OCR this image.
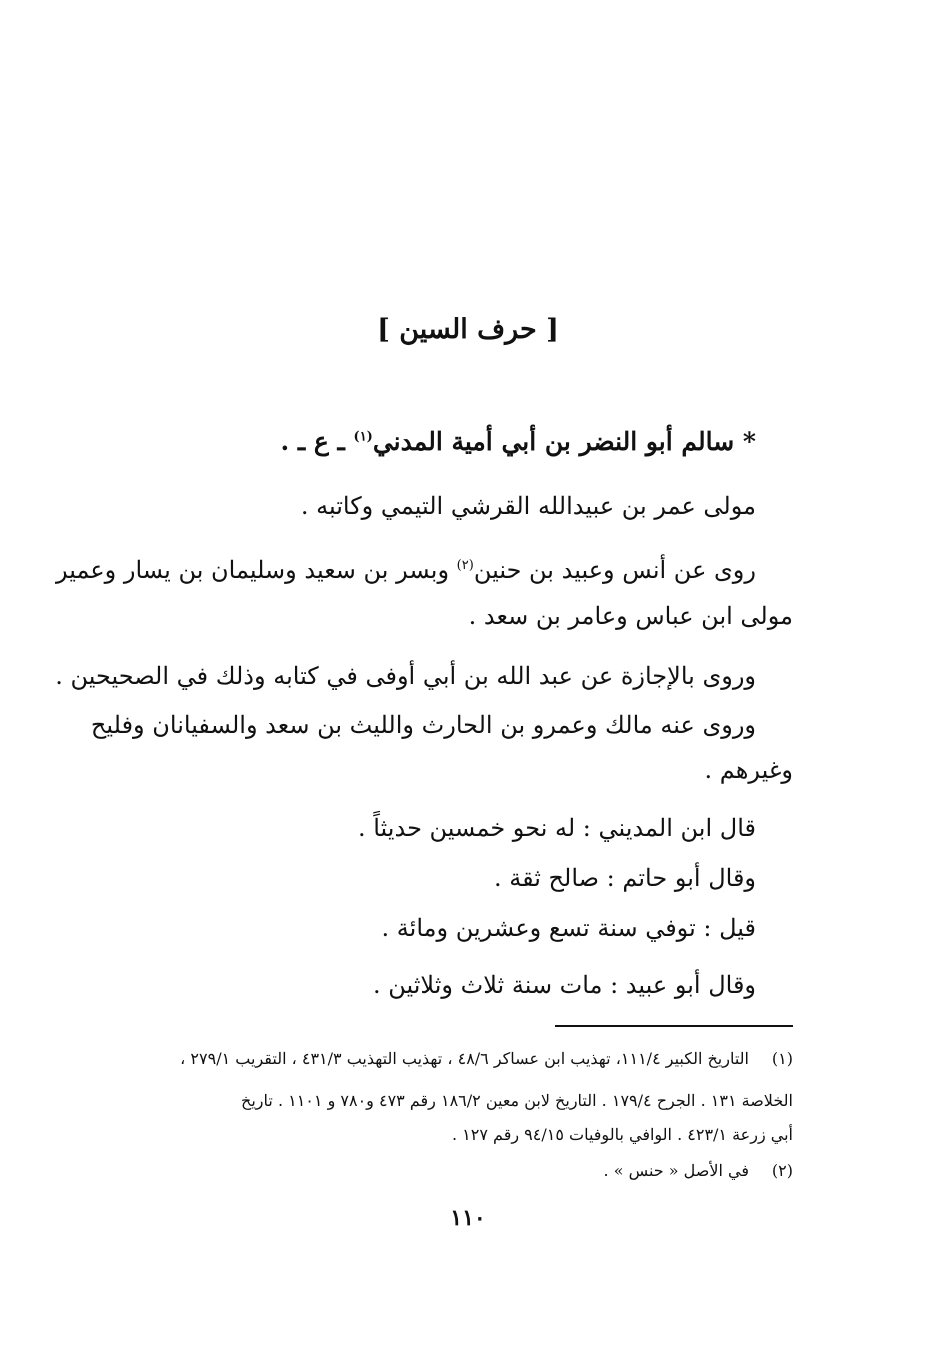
[ حرف السين ]
* سالم أبو النضر بن أبي أمية المدني$^{(١)}$ ـ ع ـ .
مولى عمر بن عبيدالله القرشي التيمي وكاتبه .
روى عن أنس وعبيد بن حنين$^{(٢)}$ وبسر بن سعيد وسليمان بن يسار وعمير
مولى ابن عباس وعامر بن سعد .
وروى بالإجازة عن عبد الله بن أبي أوفى في كتابه وذلك في الصحيحين .
وروى عنه مالك وعمرو بن الحارث والليث بن سعد والسفيانان وفليح
وغيرهم .
قال ابن المديني : له نحو خمسين حديثاً .
وقال أبو حاتم : صالح ثقة .
قيل : توفي سنة تسع وعشرين ومائة .
وقال أبو عبيد : مات سنة ثلاث وثلاثين .
(١)التاريخ الكبير ١١١/٤، تهذيب ابن عساكر ٤٨/٦ ، تهذيب التهذيب ٤٣١/٣ ، التقريب ٢٧٩/١ ،
الخلاصة ١٣١ . الجرح ١٧٩/٤ . التاريخ لابن معين ١٨٦/٢ رقم ٤٧٣ و٧٨٠ و ١١٠١ . تاريخ
أبي زرعة ٤٢٣/١ . الوافي بالوفيات ٩٤/١٥ رقم ١٢٧ .
(٢)في الأصل « حنس » .
١١٠
